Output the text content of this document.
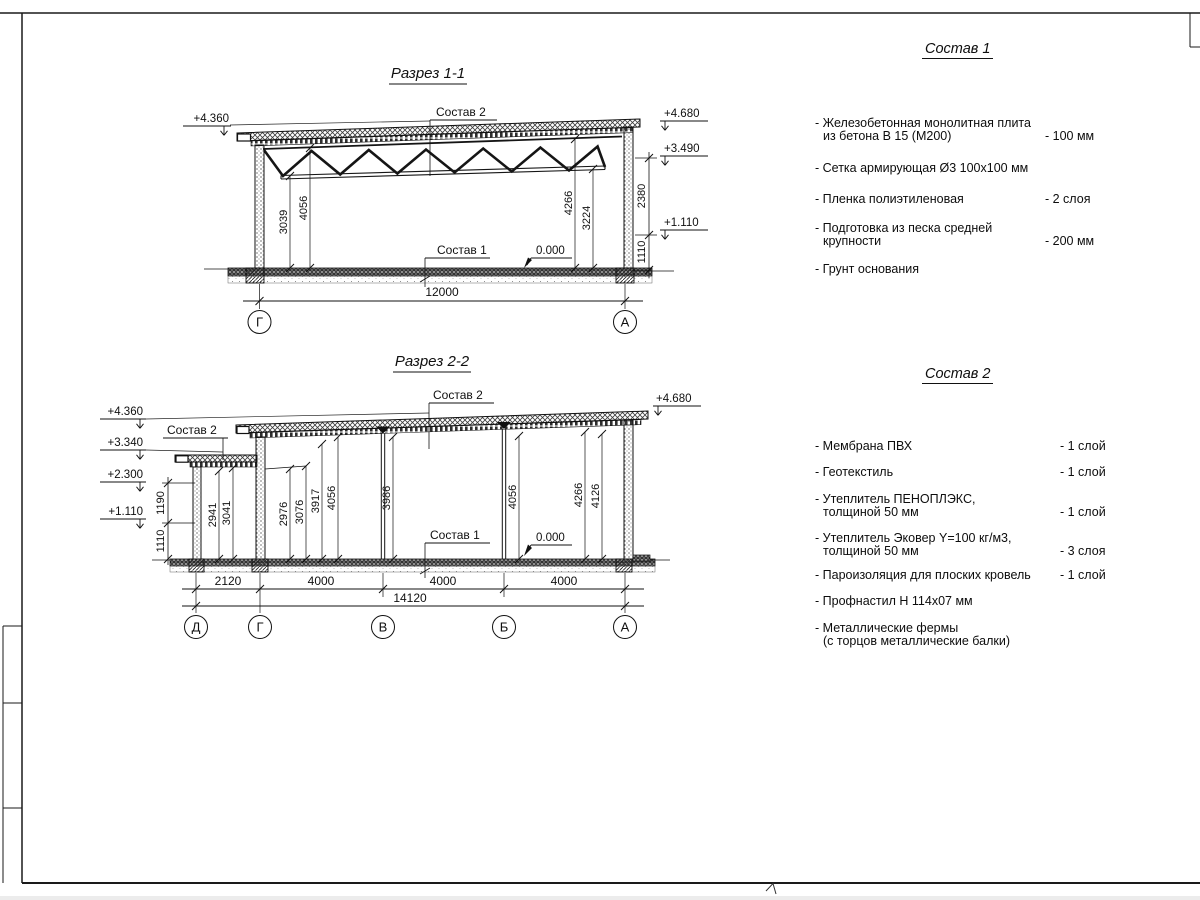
Разрез 1-1
Состав 2
Состав 1	0.000
+4.360	+4.680
+3.490
+1.110
2380
1110
3039
4056	4266
3224
12000
Г	А
Разрез 2-2
Состав 2
Состав 2
Состав 1	0.000
+4.360
+3.340
+2.300
+1.110
+4.680
1190
1110
2941 3041	2976 3076 3917 4056	3986	4056	4266 4126
2120	4000	4000	4000
14120
Д	Г	В	Б	А
Состав 1
- Железобетонная монолитная плита
из бетона В 15 (М200)	- 100 мм
- Сетка армирующая Ø3 100х100 мм
- Пленка полиэтиленовая	- 2 слоя
- Подготовка из песка средней
крупности	- 200 мм
- Грунт основания
Состав 2
- Мембрана ПВХ	- 1 слой
- Геотекстиль	- 1 слой
- Утеплитель ПЕНОПЛЭКС,
толщиной 50 мм	- 1 слой
- Утеплитель Эковер Y=100 кг/м3,
толщиной 50 мм	- 3 слоя
- Пароизоляция для плоских кровель	- 1 слой
- Профнастил Н 114х07 мм
- Металлические фермы
(с торцов металлические балки)
